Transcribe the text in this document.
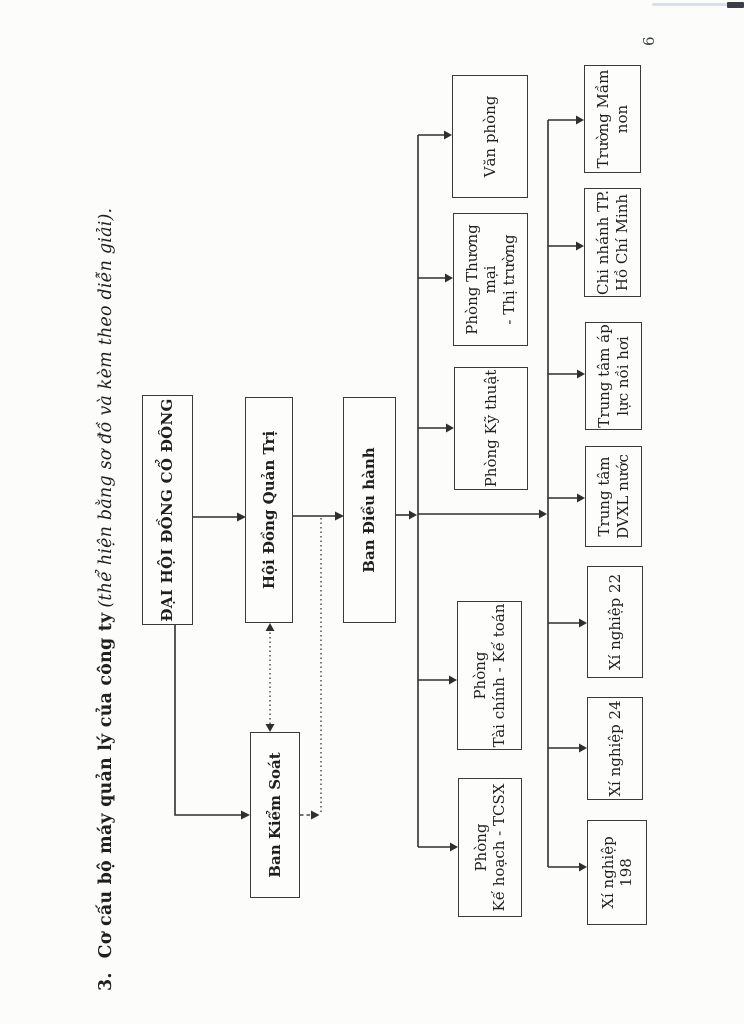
3.Cơ cấu bộ máy quản lý của công ty(thể hiện bằng sơ đồ và kèm theo diễn giải).	ĐẠI HỘI ĐỒNG CỔ ĐÔNG
Ban Kiểm Soát
Hội Đồng Quản Trị	Ban Điều hành
Phòng
Kế hoạch - TCSX
Phòng
Tài chính - Kế toán
Phòng Kỹ thuật
Phòng Thương mại
- Thị trường
Văn phòng
Xí nghiệp 198
Xí nghiệp 24
Xí nghiệp 22
Trung tâm
DVXL nước
Trung tâm áp
lực nồi hơi
Chi nhánh TP.
Hồ Chí Minh
Trường Mầm
non
6
